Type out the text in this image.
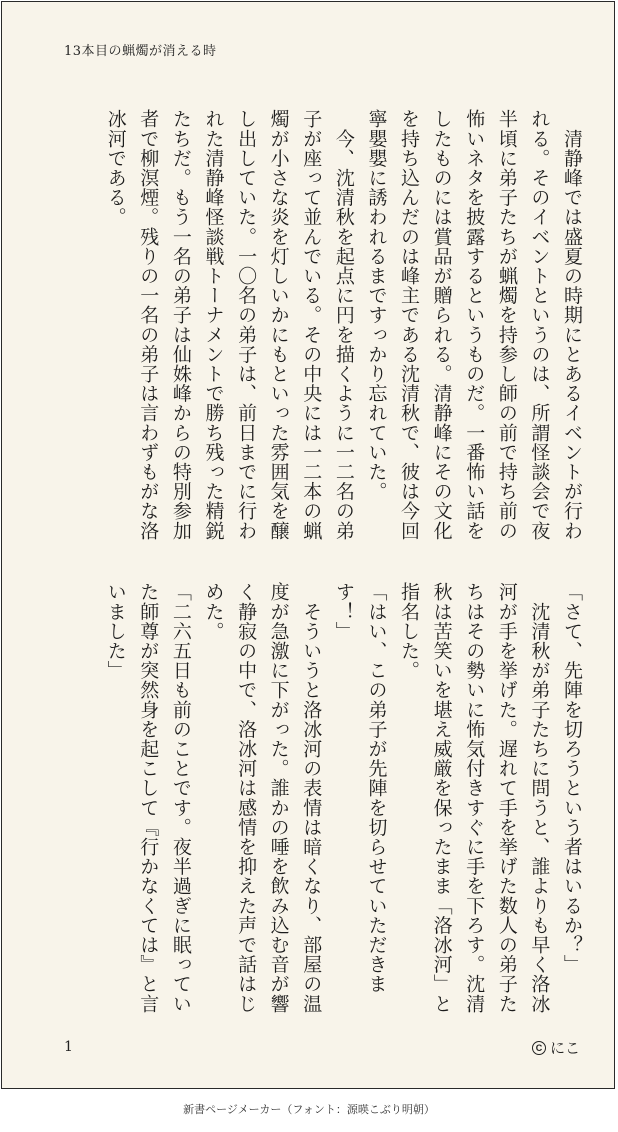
13本目の蝋燭が消える時
　清静峰では盛夏の時期にとあるイベントが行わ
れる。そのイベントというのは、所謂怪談会で夜
半頃に弟子たちが蝋燭を持参し師の前で持ち前の
怖いネタを披露するというものだ。一番怖い話を
したものには賞品が贈られる。清静峰にその文化
を持ち込んだのは峰主である沈清秋で、彼は今回
寧嬰嬰に誘われるまですっかり忘れていた。
　今、沈清秋を起点に円を描くように一二名の弟
子が座って並んでいる。その中央には一二本の蝋
燭が小さな炎を灯しいかにもといった雰囲気を醸
し出していた。一〇名の弟子は、前日までに行わ
れた清静峰怪談戦トーナメントで勝ち残った精鋭
たちだ。もう一名の弟子は仙姝峰からの特別参加
者で柳溟煙。残りの一名の弟子は言わずもがな洛
冰河である。
「さて、先陣を切ろうという者はいるか？」
　沈清秋が弟子たちに問うと、誰よりも早く洛冰
河が手を挙げた。遅れて手を挙げた数人の弟子た
ちはその勢いに怖気付きすぐに手を下ろす。沈清
秋は苦笑いを堪え威厳を保ったまま「洛冰河」と
指名した。
「はい、この弟子が先陣を切らせていただきま
す！」
　そういうと洛冰河の表情は暗くなり、部屋の温
度が急激に下がった。誰かの唾を飲み込む音が響
く静寂の中で、洛冰河は感情を抑えた声で話はじ
めた。
「二六五日も前のことです。夜半過ぎに眠ってい
た師尊が突然身を起こして『行かなくては』と言
いました」
1	C にこ
新書ページメーカー（フォント：源暎こぶり明朝）
